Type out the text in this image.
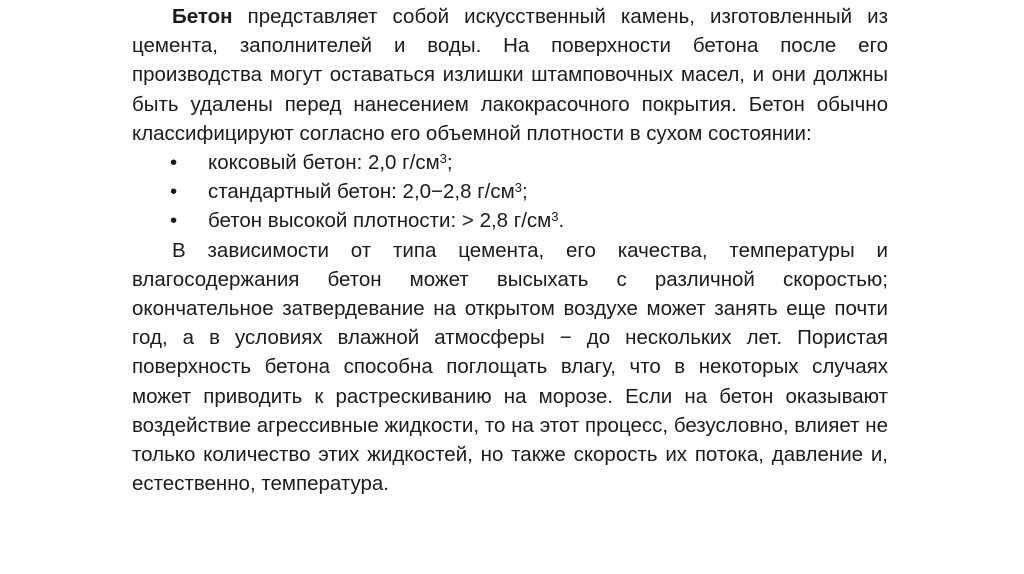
Бетон представляет собой искусственный камень, изготовленный из цемента, заполнителей и воды. На поверхности бетона после его производства могут оставаться излишки штамповочных масел, и они должны быть удалены перед нанесением лакокрасочного покрытия. Бетон обычно классифицируют согласно его объемной плотности в сухом состоянии:

• коксовый бетон: 2,0 $г/см^3$;
• стандартный бетон: 2,0−2,8 $г/см^3$;
• бетон высокой плотности: > 2,8 $г/см^3$.

В зависимости от типа цемента, его качества, температуры и влагосодержания бетон может высыхать с различной скоростью; окончательное затвердевание на открытом воздухе может занять еще почти год, а в условиях влажной атмосферы − до нескольких лет. Пористая поверхность бетона способна поглощать влагу, что в некоторых случаях может приводить к растрескиванию на морозе. Если на бетон оказывают воздействие агрессивные жидкости, то на этот процесс, безусловно, влияет не только количество этих жидкостей, но также скорость их потока, давление и, естественно, температура.
